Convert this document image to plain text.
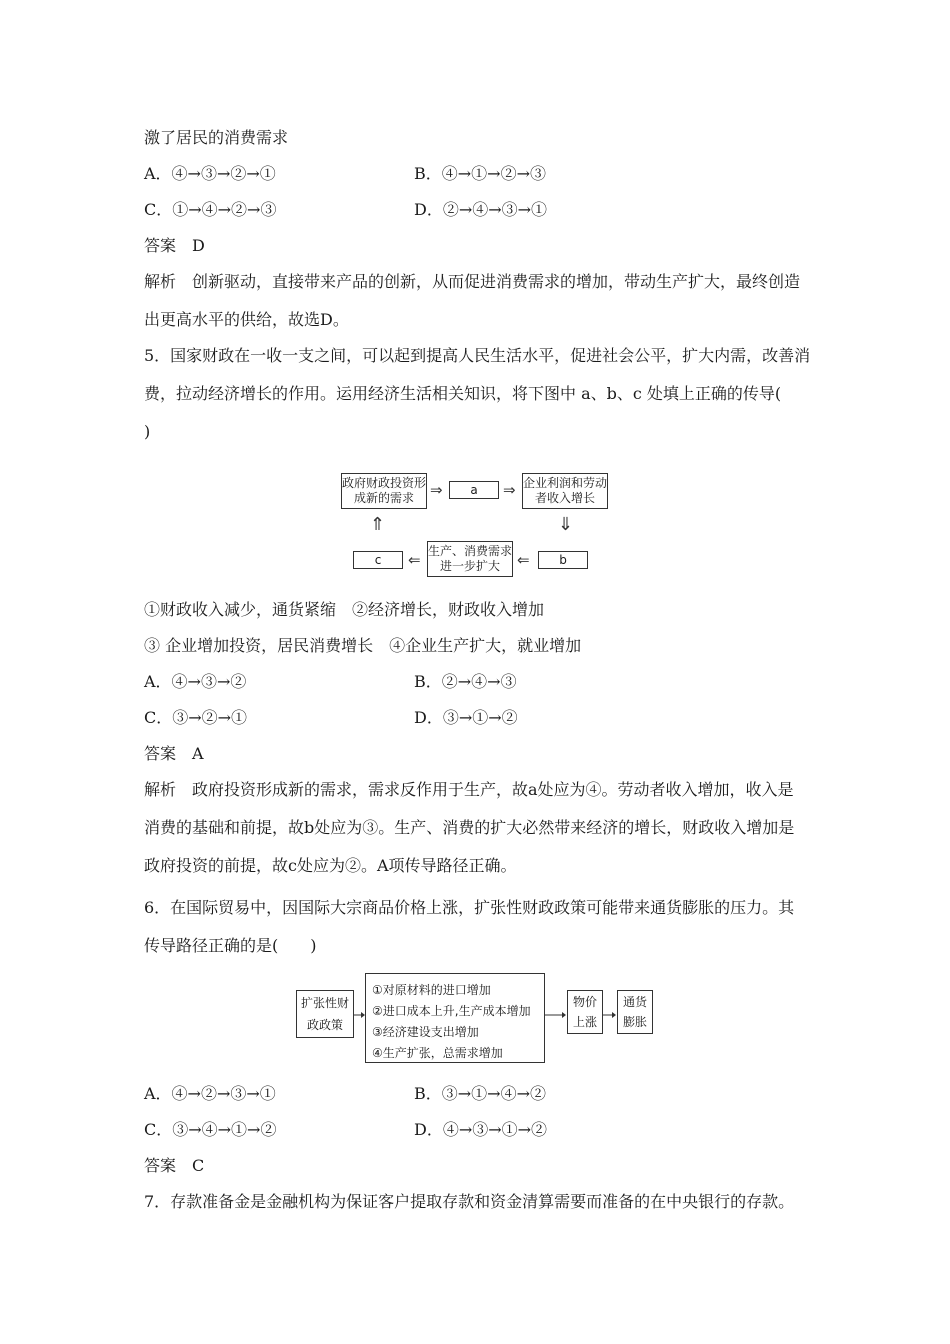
激了居民的消费需求
A．④→③→②→①	B．④→①→②→③
C．①→④→②→③	D．②→④→③→①
答案　D
解析　创新驱动，直接带来产品的创新，从而促进消费需求的增加，带动生产扩大，最终创造
出更高水平的供给，故选D。
5．国家财政在一收一支之间，可以起到提高人民生活水平，促进社会公平，扩大内需，改善消
费，拉动经济增长的作用。运用经济生活相关知识，将下图中 a、b、c 处填上正确的传导(
)
政府财政投资形成新的需求	⇒ a ⇒ 企业利润和劳动者收入增长
⇓
⇑
c ⇐ 生产、消费需求进一步扩大	⇐ b
①财政收入减少，通货紧缩　②经济增长，财政收入增加
③ 企业增加投资，居民消费增长　④企业生产扩大，就业增加
A．④→③→②	B．②→④→③
C．③→②→①	D．③→①→②
答案　A
解析　政府投资形成新的需求，需求反作用于生产，故a处应为④。劳动者收入增加，收入是
消费的基础和前提，故b处应为③。生产、消费的扩大必然带来经济的增长，财政收入增加是
政府投资的前提，故c处应为②。A项传导路径正确。
6．在国际贸易中，因国际大宗商品价格上涨，扩张性财政政策可能带来通货膨胀的压力。其
传导路径正确的是(　　)
扩张性财政政策
①对原材料的进口增加
②进口成本上升,生产成本增加
③经济建设支出增加
④生产扩张，总需求增加
物价上涨
通货膨胀
A．④→②→③→①	B．③→①→④→②
C．③→④→①→②	D．④→③→①→②
答案　C
7．存款准备金是金融机构为保证客户提取存款和资金清算需要而准备的在中央银行的存款。
